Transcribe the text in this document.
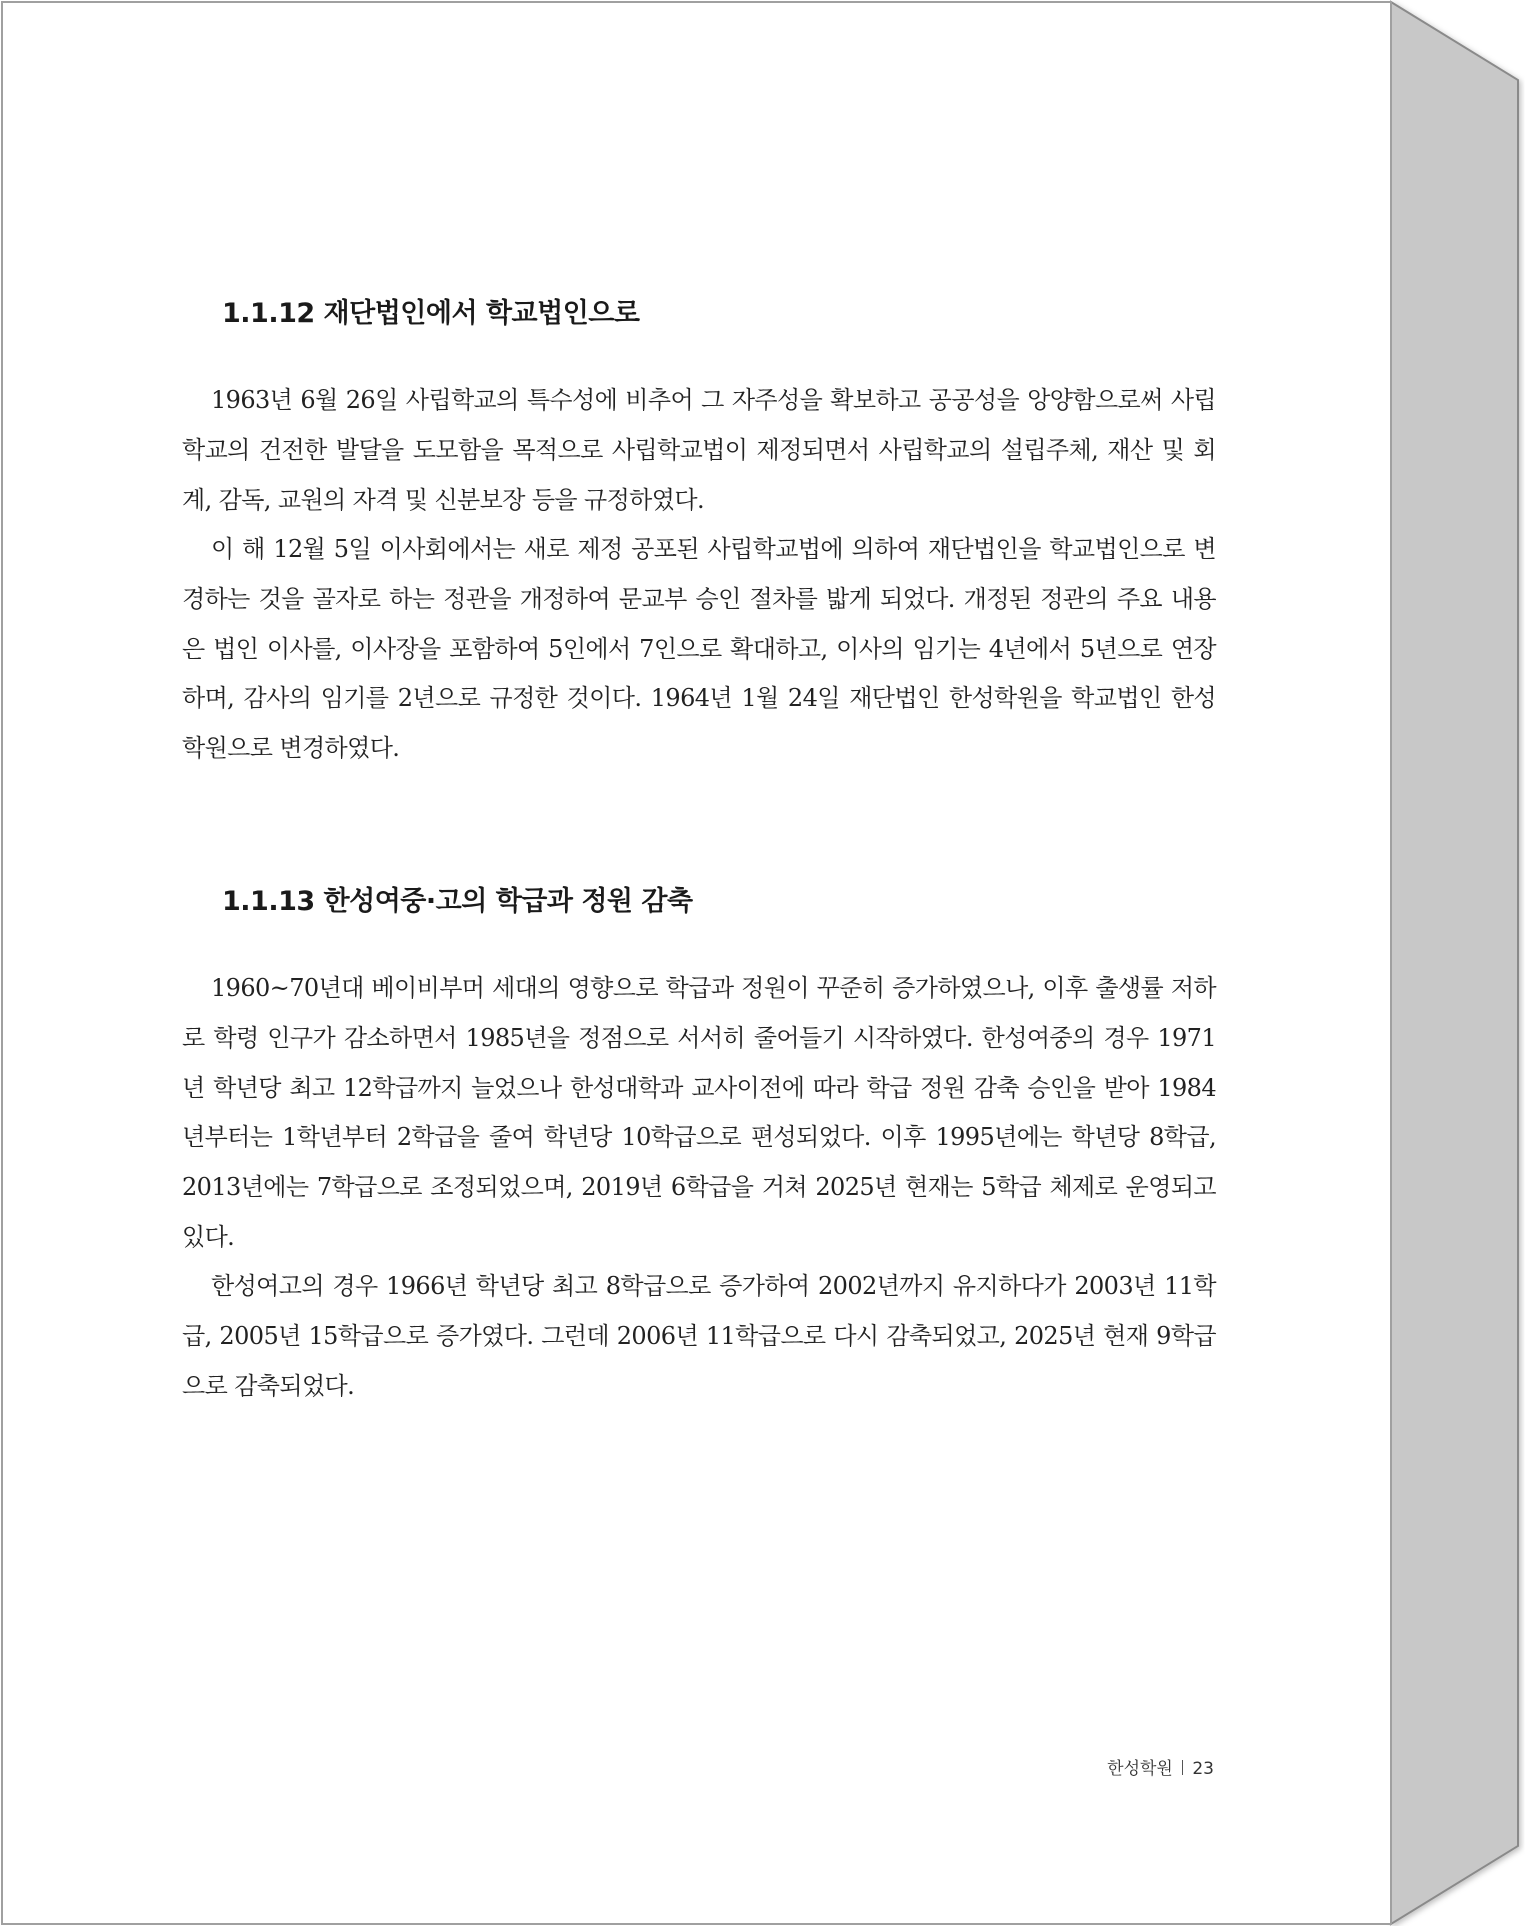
1.1.12 재단법인에서 학교법인으로
1963년 6월 26일 사립학교의 특수성에 비추어 그 자주성을 확보하고 공공성을 앙양함으로써 사립
학교의 건전한 발달을 도모함을 목적으로 사립학교법이 제정되면서 사립학교의 설립주체, 재산 및 회
계, 감독, 교원의 자격 및 신분보장 등을 규정하였다.
이 해 12월 5일 이사회에서는 새로 제정 공포된 사립학교법에 의하여 재단법인을 학교법인으로 변
경하는 것을 골자로 하는 정관을 개정하여 문교부 승인 절차를 밟게 되었다. 개정된 정관의 주요 내용
은 법인 이사를, 이사장을 포함하여 5인에서 7인으로 확대하고, 이사의 임기는 4년에서 5년으로 연장
하며, 감사의 임기를 2년으로 규정한 것이다. 1964년 1월 24일 재단법인 한성학원을 학교법인 한성
학원으로 변경하였다.
1.1.13 한성여중·고의 학급과 정원 감축
1960~70년대 베이비부머 세대의 영향으로 학급과 정원이 꾸준히 증가하였으나, 이후 출생률 저하
로 학령 인구가 감소하면서 1985년을 정점으로 서서히 줄어들기 시작하였다. 한성여중의 경우 1971
년 학년당 최고 12학급까지 늘었으나 한성대학과 교사이전에 따라 학급 정원 감축 승인을 받아 1984
년부터는 1학년부터 2학급을 줄여 학년당 10학급으로 편성되었다. 이후 1995년에는 학년당 8학급,
2013년에는 7학급으로 조정되었으며, 2019년 6학급을 거쳐 2025년 현재는 5학급 체제로 운영되고
있다.
한성여고의 경우 1966년 학년당 최고 8학급으로 증가하여 2002년까지 유지하다가 2003년 11학
급, 2005년 15학급으로 증가였다. 그런데 2006년 11학급으로 다시 감축되었고, 2025년 현재 9학급
으로 감축되었다.
한성학원 23
